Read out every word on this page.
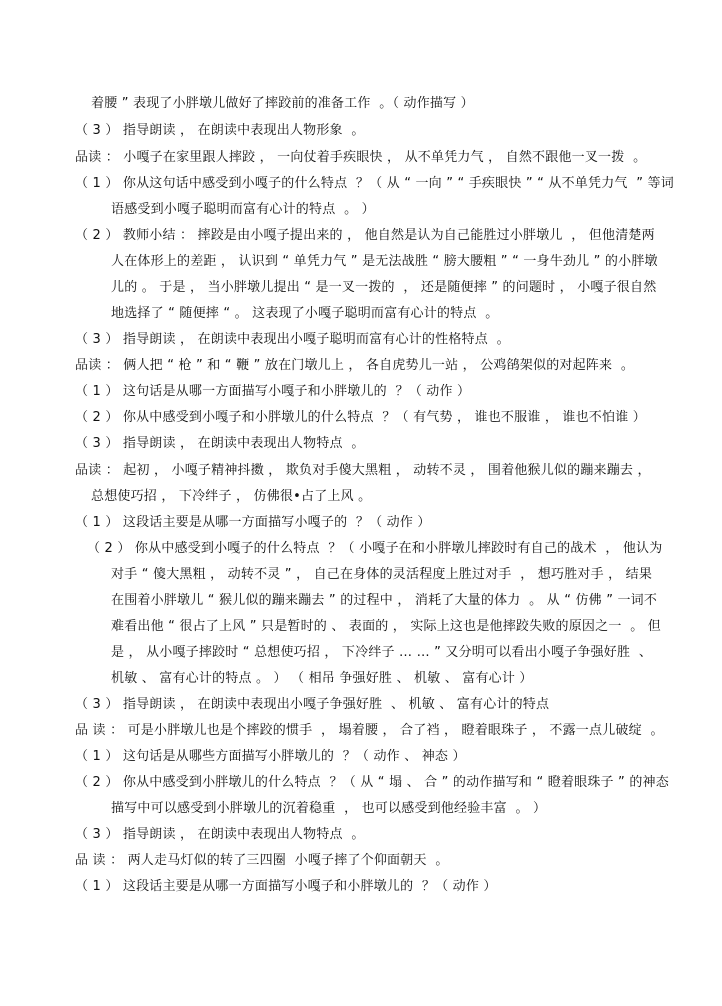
着腰 ” 表现了小胖墩儿做好了摔跤前的准备工作  。（ 动作描写 ）
（ 3 ） 指导朗读 ， 在朗读中表现出人物形象  。
品读 ： 小嘎子在家里跟人摔跤 ， 一向仗着手疾眼快 ， 从不单凭力气 ， 自然不跟他一叉一拨  。
（ 1 ） 你从这句话中感受到小嘎子的什么特点  ？（ 从 “ 一向 ” “ 手疾眼快 ” “ 从不单凭力气  ” 等词
语感受到小嘎子聪明而富有心计的特点  。 ）
（ 2 ） 教师小结 ： 摔跤是由小嘎子提出来的 ， 他自然是认为自己能胜过小胖墩儿  ， 但他清楚两
人在体形上的差距 ， 认识到 “ 单凭力气 ” 是无法战胜 “ 膀大腰粗 ” “ 一身牛劲儿 ” 的小胖墩
儿的 。 于是 ， 当小胖墩儿提出 “ 是一叉一拨的  ， 还是随便摔 ” 的问题时 ， 小嘎子很自然
地选择了 “ 随便摔 “ 。 这表现了小嘎子聪明而富有心计的特点  。
（ 3 ） 指导朗读 ， 在朗读中表现出小嘎子聪明而富有心计的性格特点  。
品读 ： 俩人把 “ 枪 ” 和 “ 鞭 ” 放在门墩儿上 ， 各自虎势儿一站 ， 公鸡鹐架似的对起阵来  。
（ 1 ） 这句话是从哪一方面描写小嘎子和小胖墩儿的  ？（ 动作 ）
（ 2 ） 你从中感受到小嘎子和小胖墩儿的什么特点  ？（ 有气势 ， 谁也不服谁 ， 谁也不怕谁 ）
（ 3 ） 指导朗读 ， 在朗读中表现出人物特点  。
品读 ： 起初 ， 小嘎子精神抖擞 ， 欺负对手傻大黑粗 ， 动转不灵 ， 围着他猴儿似的蹦来蹦去 ，
总想使巧招 ， 下冷绊子 ， 仿佛很•占了上风 。
（ 1 ） 这段话主要是从哪一方面描写小嘎子的  ？（ 动作 ）
（ 2 ） 你从中感受到小嘎子的什么特点  ？（ 小嘎子在和小胖墩儿摔跤时有自己的战术  ， 他认为
对手 “ 傻大黑粗 ， 动转不灵 ” ， 自己在身体的灵活程度上胜过对手  ， 想巧胜对手 ， 结果
在围着小胖墩儿 “ 猴儿似的蹦来蹦去 ” 的过程中 ， 消耗了大量的体力  。 从 “ 仿佛 ” 一词不
难看出他 “ 很占了上风 ” 只是暂时的 、 表面的 ， 实际上这也是他摔跤失败的原因之一  。 但
是 ， 从小嘎子摔跤时 “ 总想使巧招 ， 下冷绊子 … … ” 又分明可以看出小嘎子争强好胜  、
机敏 、 富有心计的特点 。 ） （ 相吊 争强好胜 、 机敏 、 富有心计 ）
（ 3 ） 指导朗读 ， 在朗读中表现出小嘎子争强好胜  、 机敏 、 富有心计的特点
品 读 ： 可是小胖墩儿也是个摔跤的惯手  ， 塌着腰 ， 合了裆 ， 瞪着眼珠子 ， 不露一点儿破绽  。
（ 1 ） 这句话是从哪些方面描写小胖墩儿的  ？（ 动作 、 神态 ）
（ 2 ） 你从中感受到小胖墩儿的什么特点  ？（ 从 “ 塌 、 合 ” 的动作描写和 “ 瞪着眼珠子 ” 的神态
描写中可以感受到小胖墩儿的沉着稳重  ， 也可以感受到他经验丰富  。 ）
（ 3 ） 指导朗读 ， 在朗读中表现出人物特点  。
品 读 ： 两人走马灯似的转了三四圈  小嘎子摔了个仰面朝天  。
（ 1 ） 这段话主要是从哪一方面描写小嘎子和小胖墩儿的  ？（ 动作 ）
